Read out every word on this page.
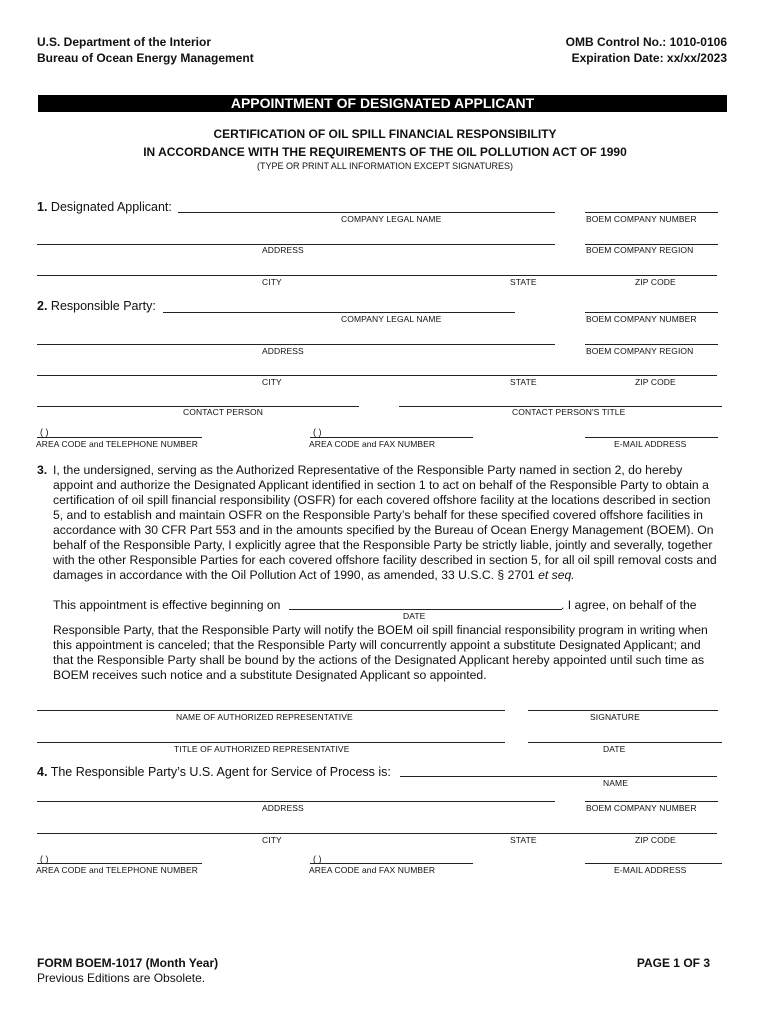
U.S. Department of the Interior
Bureau of Ocean Energy Management
OMB Control No.: 1010-0106
Expiration Date: xx/xx/2023
APPOINTMENT OF DESIGNATED APPLICANT
CERTIFICATION OF OIL SPILL FINANCIAL RESPONSIBILITY
IN ACCORDANCE WITH THE REQUIREMENTS OF THE OIL POLLUTION ACT OF 1990
(TYPE OR PRINT ALL INFORMATION EXCEPT SIGNATURES)
1. Designated Applicant:
COMPANY LEGAL NAME	BOEM COMPANY NUMBER
ADDRESS	BOEM COMPANY REGION
CITY	STATE	ZIP CODE
2. Responsible Party:
COMPANY LEGAL NAME	BOEM COMPANY NUMBER
ADDRESS	BOEM COMPANY REGION
CITY	STATE	ZIP CODE
CONTACT PERSON	CONTACT PERSON'S TITLE
( )
AREA CODE and TELEPHONE NUMBER
( )
AREA CODE and FAX NUMBER	E-MAIL ADDRESS
3. I, the undersigned, serving as the Authorized Representative of the Responsible Party named in section 2, do hereby
appoint and authorize the Designated Applicant identified in section 1 to act on behalf of the Responsible Party to obtain a
certification of oil spill financial responsibility (OSFR) for each covered offshore facility at the locations described in section
5, and to establish and maintain OSFR on the Responsible Party’s behalf for these specified covered offshore facilities in
accordance with 30 CFR Part 553 and in the amounts specified by the Bureau of Ocean Energy Management (BOEM). On
behalf of the Responsible Party, I explicitly agree that the Responsible Party be strictly liable, jointly and severally, together
with the other Responsible Parties for each covered offshore facility described in section 5, for all oil spill removal costs and
damages in accordance with the Oil Pollution Act of 1990, as amended, 33 U.S.C. § 2701 et seq.
This appointment is effective beginning on
DATE
. I agree, on behalf of the
Responsible Party, that the Responsible Party will notify the BOEM oil spill financial responsibility program in writing when
this appointment is canceled; that the Responsible Party will concurrently appoint a substitute Designated Applicant; and
that the Responsible Party shall be bound by the actions of the Designated Applicant hereby appointed until such time as
BOEM receives such notice and a substitute Designated Applicant so appointed.
NAME OF AUTHORIZED REPRESENTATIVE	SIGNATURE
TITLE OF AUTHORIZED REPRESENTATIVE	DATE
4. The Responsible Party’s U.S. Agent for Service of Process is:
NAME
ADDRESS	BOEM COMPANY NUMBER
CITY	STATE	ZIP CODE
( )
AREA CODE and TELEPHONE NUMBER
( )
AREA CODE and FAX NUMBER	E-MAIL ADDRESS
FORM BOEM-1017 (Month Year)
Previous Editions are Obsolete.
PAGE 1 OF 3
